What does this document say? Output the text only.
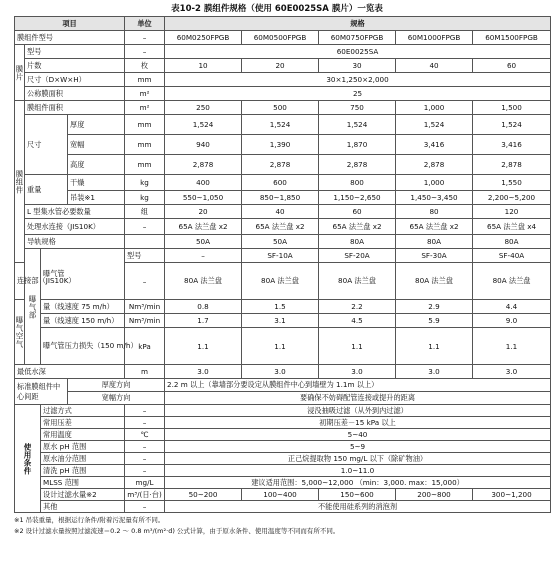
表10-2 膜组件规格（使用 60E0025SA 膜片）一览表
项目				单位	规格					
膜组件型号				–	60M0250FPGB	60M0500FPGB	60M0750FPGB	60M1000FPGB	60M1500FPGB	
膜片	型号			–	60E0025SA					
	片数			枚	10	20	30	40	60	
	尺寸（D×W×H）			mm	30×1,250×2,000					
	公称膜面积			m²	25					
膜组件	膜组件面积			m²	250	500	750	1,000	1,500	
	尺寸		厚度	mm	1,524	1,524	1,524	1,524	1,524	
			宽幅	mm	940	1,390	1,870	3,416	3,416	
			高度	mm	2,878	2,878	2,878	2,878	2,878	
	重量		干燥	kg	400	600	800	1,000	1,550	
			吊装※1	kg	550~1,050	850~1,850	1,150~2,650	1,450~3,450	2,200~5,200	
	L 型集水管必要数量			组	20	40	60	80	120	
	处理水连接（JIS10K）			–	65A 法兰盘 x2	65A 法兰盘 x2	65A 法兰盘 x2	65A 法兰盘 x2	65A 法兰盘 x4	
	导轨规格				50A	50A	80A	80A	80A	
	曝气部	曝气管		型号	–	SF-10A	SF-20A	SF-30A	SF-40A	
连接部（JIS10K）				–	80A 法兰盘	80A 法兰盘	80A 法兰盘	80A 法兰盘	80A 法兰盘	
曝气空气		量（线速度 75 m/h）		Nm³/min	0.8	1.5	2.2	2.9	4.4	
		量（线速度 150 m/h）		Nm³/min	1.7	3.1	4.5	5.9	9.0	
		曝气管压力损失（150 m/h）		kPa	1.1	1.1	1.1	1.1	1.1	
最低水深				m	3.0	3.0	3.0	3.0	3.0	
标准膜组件中心间距			厚度方向		2.2 m 以上（靠墙部分要设定从膜组件中心到墙壁为 1.1m 以上）					
			宽幅方向		要确保不妨碍配管连接或提升的距离					
使用条件		过滤方式		–	浸没抽吸过滤（从外到内过滤）					
		常用压差		–	初期压差－15 kPa 以上					
		常用温度		℃	5~40					
		原水 pH 范围		–	5~9					
		原水油分范围		–	正己烷提取物 150 mg/L 以下（除矿物油）					
		清洗 pH 范围		–	1.0~11.0					
		MLSS 范围		mg/L	建议适用范围：5,000~12,000 （min：3,000. max：15,000）					
		设计过滤水量※2		m³/(日·台)	50~200	100~400	150~600	200~800	300~1,200	
		其他		–	不能使用硅系列的消泡剂					
※1 吊装重量，根据运行条件/附着污泥量有所不同。
※2 设计过滤水量按照过滤流速＝0.2 ～ 0.8 m³/(m²·d) 公式计算，由于原水条件、使用温度等不同而有所不同。
